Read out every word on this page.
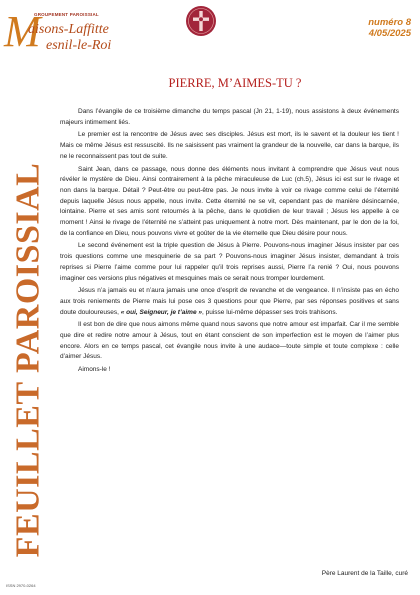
GROUPEMENT PAROISSIAL
M
aisons-Laffitte
esnil-le-Roi
numéro 8
4/05/2025
FEUILLET PAROISSIAL
ISSN 2970-0264
PIERRE, M’AIMES-TU ?

Dans l’évangile de ce troisième dimanche du temps pascal (Jn 21, 1-19), nous assistons à deux événements majeurs intimement liés.

Le premier est la rencontre de Jésus avec ses disciples. Jésus est mort, ils le savent et la douleur les tient ! Mais ce même Jésus est ressuscité. Ils ne saisissent pas vraiment la grandeur de la nouvelle, car dans la barque, ils ne le reconnaissent pas tout de suite.

Saint Jean, dans ce passage, nous donne des éléments nous invitant à comprendre que Jésus veut nous révéler le mystère de Dieu. Ainsi contrairement à la pêche miraculeuse de Luc (ch.5), Jésus ici est sur le rivage et non dans la barque. Détail ? Peut-être ou peut-être pas. Je nous invite à voir ce rivage comme celui de l’éternité depuis laquelle Jésus nous appelle, nous invite. Cette éternité ne se vit, cependant pas de manière désincarnée, lointaine. Pierre et ses amis sont retournés à la pêche, dans le quotidien de leur travail ; Jésus les appelle à ce moment ! Ainsi le rivage de l’éternité ne s’atteint pas uniquement à notre mort. Dès maintenant, par le don de la foi, de la confiance en Dieu, nous pouvons vivre et goûter de la vie éternelle que Dieu désire pour nous.

Le second événement est la triple question de Jésus à Pierre. Pouvons-nous imaginer Jésus insister par ces trois questions comme une mesquinerie de sa part ? Pouvons-nous imaginer Jésus insister, demandant à trois reprises si Pierre l’aime comme pour lui rappeler qu’il trois reprises aussi, Pierre l’a renié ? Oui, nous pouvons imaginer ces versions plus négatives et mesquines mais ce serait nous tromper lourdement.

Jésus n’a jamais eu et n’aura jamais une once d’esprit de revanche et de vengeance. Il n’insiste pas en écho aux trois reniements de Pierre mais lui pose ces 3 questions pour que Pierre, par ses réponses positives et sans doute douloureuses, « oui, Seigneur, je t’aime », puisse lui-même dépasser ses trois trahisons.

Il est bon de dire que nous aimons même quand nous savons que notre amour est imparfait. Car il me semble que dire et redire notre amour à Jésus, tout en étant conscient de son imperfection est le moyen de l’aimer plus encore. Alors en ce temps pascal, cet évangile nous invite à une audace—toute simple et toute complexe : celle d’aimer Jésus.

Aimons-le !

Père Laurent de la Taille, curé
